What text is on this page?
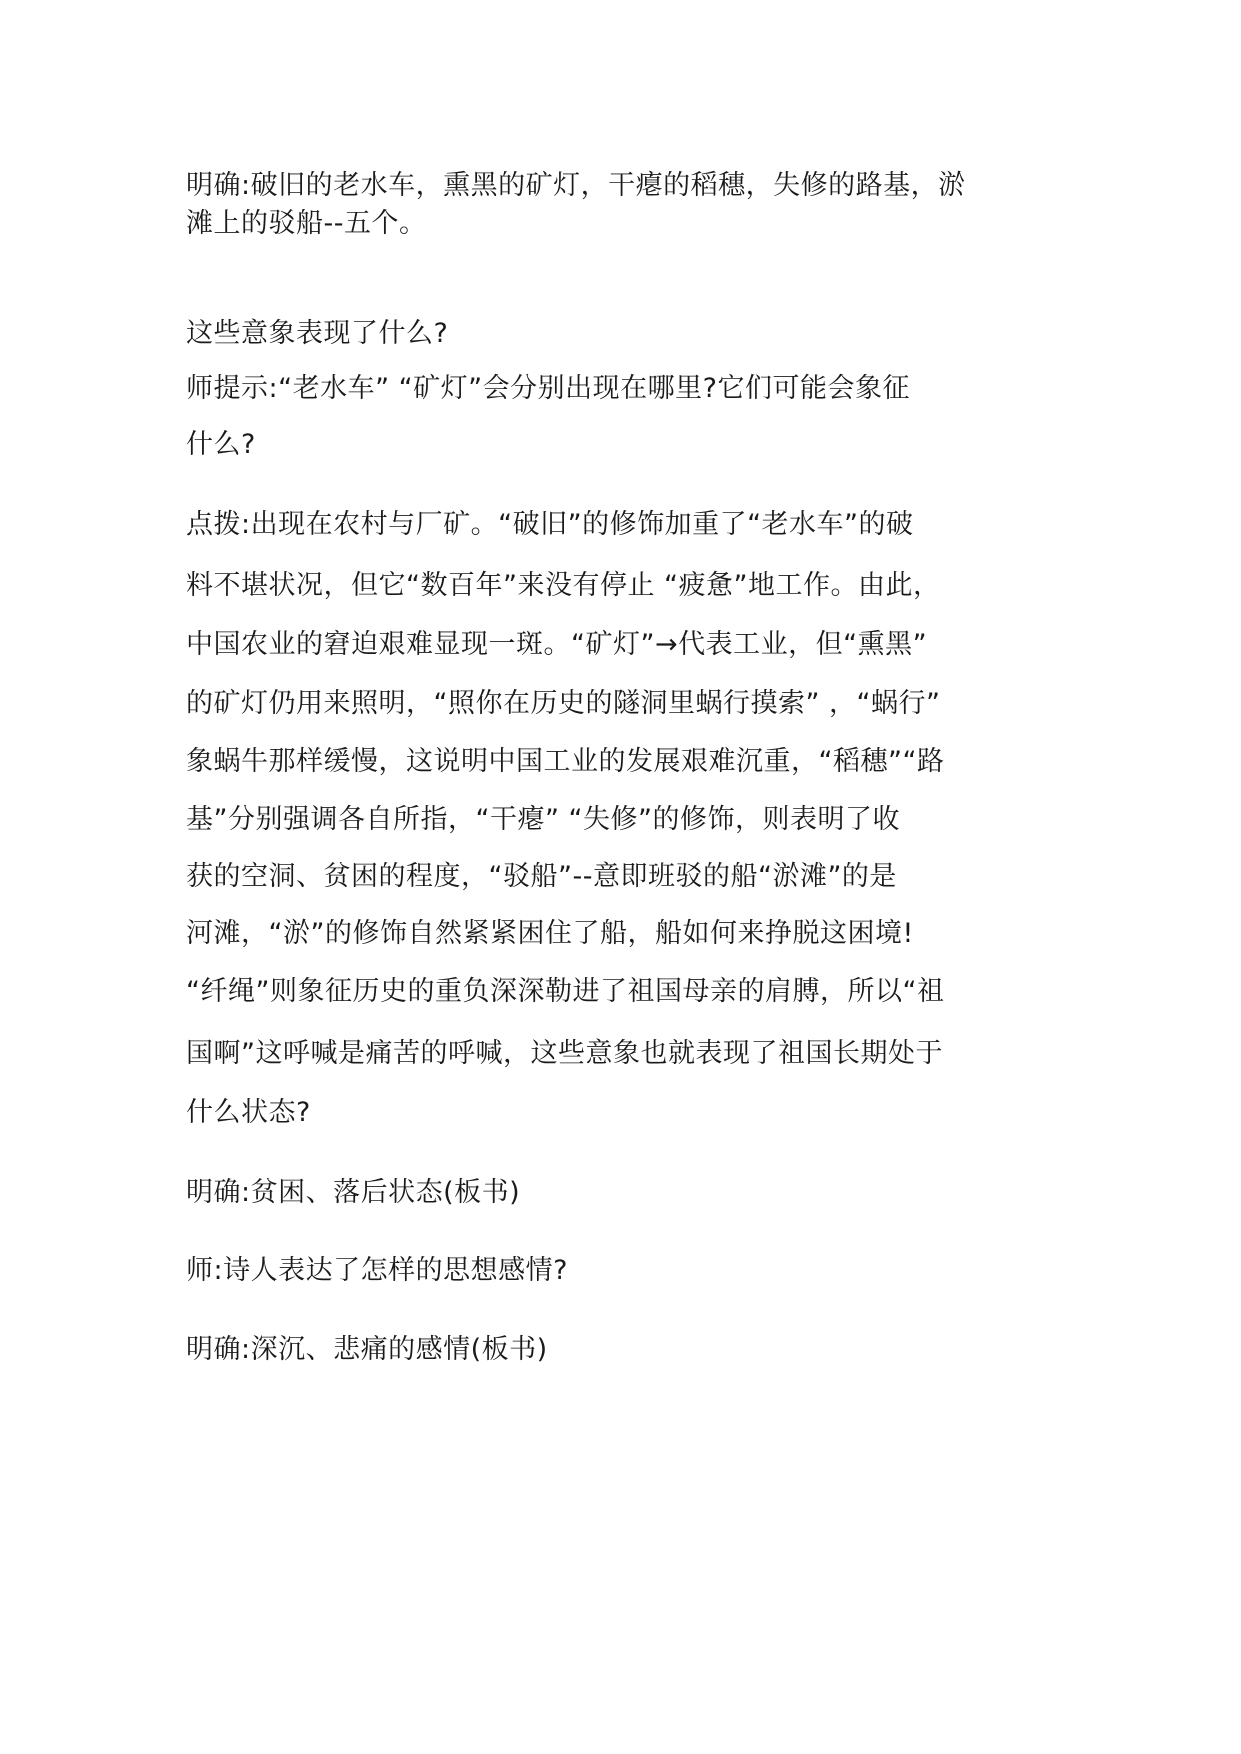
明确:破旧的老水车，熏黑的矿灯，干瘪的稻穗，失修的路基，淤
滩上的驳船--五个。
这些意象表现了什么?
师提示:“老水车” “矿灯”会分别出现在哪里?它们可能会象征
什么?
点拨:出现在农村与厂矿。“破旧”的修饰加重了“老水车”的破
料不堪状况，但它“数百年”来没有停止 “疲惫”地工作。由此，
中国农业的窘迫艰难显现一斑。“矿灯”→代表工业，但“熏黑”
的矿灯仍用来照明，“照你在历史的隧洞里蜗行摸索” ，“蜗行”
象蜗牛那样缓慢，这说明中国工业的发展艰难沉重，“稻穗”“路
基”分别强调各自所指，“干瘪” “失修”的修饰，则表明了收
获的空洞、贫困的程度，“驳船”--意即班驳的船“淤滩”的是
河滩，“淤”的修饰自然紧紧困住了船，船如何来挣脱这困境!
“纤绳”则象征历史的重负深深勒进了祖国母亲的肩膊，所以“祖
国啊”这呼喊是痛苦的呼喊，这些意象也就表现了祖国长期处于
什么状态?
明确:贫困、落后状态(板书)
师:诗人表达了怎样的思想感情?
明确:深沉、悲痛的感情(板书)
